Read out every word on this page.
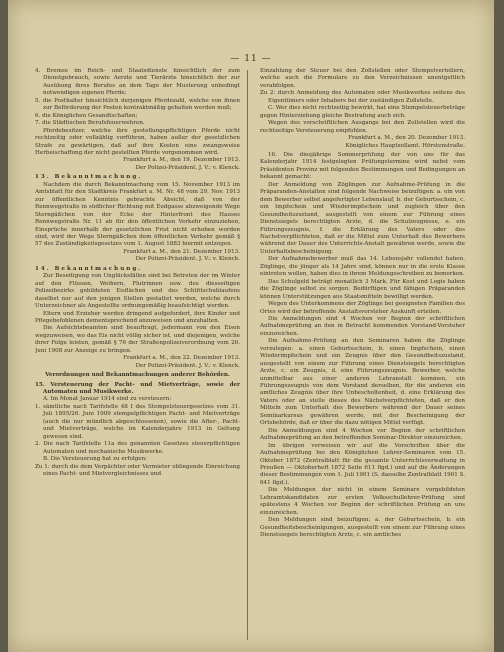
— 11 —

4. Bremse im Reich- und Staatsdienste hinsichtlich der zum Dienstgebrauch, sowie Aerzte und Tierärzte hinsichtlich der zur Ausübung ihres Berufes an dem Tage der Musterung unbedingt notwendigen eigenen Pferde;

5. die Posthalter hinsichtlich derjenigen Pferdezahl, welche von ihnen zur Beförderung der Posten kontraktmäßig gehalten werden muß;

6. die Königlichen Gesandtschaften;

7. die Städtischen Berufsfeuerwehren.

Pferdebesitzer, welche ihre gestellungspflichtigen Pferde nicht rechtzeitig oder vollzählig vorführen, haben außer der gesetzlichen Strafe zu gewärtigen, daß auf ihre Kosten eine zwangsweise Herbeischaffung der nicht gestellten Pferde vorgenommen wird.

Frankfurt a. M., den 19. Dezember 1913.

Der Polizei-Präsident. J. V.: v. Klenck.

13. Bekanntmachung.

Nachdem die durch Bekanntmachung vom 15. November 1913 im Amtsblatt für den Stadtkreis Frankfurt a. M. Nr. 48 vom 29. Nov. 1913 zur öffentlichen Kenntnis gebrachte Absicht, daß von der Rennwegstraße in südlicher Richtung mit Eudgasse abzweigende Wege Sterngäßchen von der Ecke der Hinterfront des Hauses Rennwegstraße Nr. 11 ab für den öffentlichen Verkehr einzuziehen, Einsprüche innerhalb der gesetzlichen Frist nicht erhoben worden sind, wird der Wege Sterngäßchen dem öffentlichen Verkehr gemäß § 57 des Zuständigkeitsgesetzes vom 1. August 1883 hiermit entzogen.

Frankfurt a. M., den 21. Dezember 1913.

Der Polizei-Präsident. J. V.: v. Klenck.

14. Bekanntmachung.

Zur Beseitigung von Unglücksfällen sind bei Betreten der im Winter auf den Flüssen, Weihern, Flutrinnen usw. des diesseitigen Polizeibezirks gebildeten Eisflächen und des Schlittschuhlaufens daselbst nur auf den jenigen Stellen gestattet werden, welche durch Unterzeichner als Angestellte ordnungsmäßig beaufsichtigt werden.

Eltern und Erzieher werden dringend aufgefordert, ihre Kinder und Pflegebefohlenen dementsprechend anzuweisen und anzuhalten.

Die Aufsichtsbeamten sind beauftragt, jedermann von den Eisen wegzuweisen, wo das Eis nicht völlig sicher ist, und diejenigen, welche ihrer Folge leisten, gemäß § 76 der Straßenpolizeiverordnung vom 20. Juni 1908 zur Anzeige zu bringen.

Frankfurt a. M., den 22. Dezember 1913.

Der Polizei-Präsident. J. V.: v. Klenck.

Verordnungen und Bekanntmachungen anderer Behörden.

15. Versteuerung der Pacht- und Mietverträge, sowie der Automaten und Musikwerke.

A. Im Monat Januar 1914 sind zu versteuern:

1. sämtliche nach Tarifstelle 48 I des Stempelsteuergesetzes vom 31. Juli 1895/26. Juni 1909 stempelpflichtigen Pacht- und Mietverträge (auch die nur mündlich abgeschlossenen), sowie die After-, Pacht- und Mietverträge, welche im Kalenderjahre 1913 in Geltung gewesen sind.

2. Die nach Tarifstelle 11a des genannten Gesetzes steuerpflichtigen Automaten und mechanische Musikwerke.

B. Die Versteuerung hat zu erfolgen:

Zu 1: durch die dem Verpächter oder Vermieter obliegende Einreichung eines Pacht- und Mietvergleichnisses und

Einzahlung der Steuer bei den Zollstellen oder Stempelverteilern, welche auch die Formulare zu den Verzeichnissen unentgeltlich verabfolgen.

Zu 2: durch Anmeldung des Automaten oder Musikwerkes seitens des Eigentümers oder Inhabers bei der zuständigen Zollstelle.

C. Wer dies nicht rechtzeitig bewirkt, hat eine Stempelsteuerbeträge gegen Hinterziehung gleiche Bestrafung auch sich.

Wegen des vorschriftlichen Ausgangs bei den Zollstellen wird die rechtzeitige Versteuerung empfohlen.

Frankfurt a. M., den 20. Dezember 1913.

Königliches Hauptzollamt. Hörstenstraße.

16. Die diesjährige Sommerprüfung der von uns für das Kalenderjahr 1914 festgelegten Prüfungstermine wird nebst vom Präsidenten Provinz mit folgenden Bestimmungen und Bedingungen an bekannt gemacht:

Der Anmeldung von Zöglingen zur Aufnahme-Prüfung in die Präparanden-Anstalten sind folgende Nachweise beizufügen: a. ein von dem Bewerber selbst angefertigter Lebenslauf, b. der Geburtsschein, c. ein Impfschein und Wiederimpfschein und zugleich über den Gesundheitszustand, ausgestellt von einem zur Führung eines Dienstsiegels berechtigten Arzte, d. die Schulzeugnisse, e. ein Führungszeugnis, f. die Erklärung des Vaters oder des Nachstverpflichteten, daß er die Mittel zum Unterhalt des Bewerbers während der Dauer des Unterrichts-Anstalt gewähren werde, sowie die Unterhaltsbescheinigung.

Der Aufnahmebewerber muß das 14. Lebensjahr vollendet haben. Zöglinge, die jünger als 14 Jahre sind, können nur in die erste Klasse eintreten wollen, haben dies in ihrem Meldungsschreiben zu bemerken.

Das Schulgeld beträgt monatlich 3 Mark. Für Kost und Logis haben die Zöglinge selbst zu sorgen. Bedürftigen und fähigen Präparanden können Unterstützungen aus Staatsmitteln bewilligt werden.

Wegen des Unterkommens der Zöglinge bei geeigneten Familien des Ortes wird der betreffende Anstaltsvorsteher Auskunft erteilen.

Die Anmeldungen sind 4 Wochen vor Beginn der schriftlichen Aufnahmeprüfung an den in Betracht kommenden Vorstand-Vorsteher einzureichen.

Die Aufnahme-Prüfung an den Seminaren haben die Zöglinge vorzulegen: a. einen Geburtsschein, b. einen Impfschein, einen Wiederimpfschein und ein Zeugnis über den Gesundheitszustand, ausgestellt von einem zur Führung eines Dienstsiegels berechtigten Arzte, c. ein Zeugnis, d. eine Führungszeugnis. Bewerber, welche unmittelbar aus einer anderen Lehranstalt kommen, ein Führungszeugnis von dem Vorstand derselben, für die anderen ein amtliches Zeugnis über ihre Unbescholtenheit, d. eine Erklärung des Vaters oder an stelle dieses des Nächstverpflichteten, daß er den Mitteln zum Unterhalt des Bewerbers während der Dauer seines Seminarkursus gewähren werde, mit der Bescheinigung der Ortsbehörde, daß er über die dazu nötigen Mittel verfügt.

Die Anmeldungen sind 4 Wochen vor Beginn der schriftlichen Aufnahmeprüfung an den betreffenden Seminar-Direktor einzureichen.

Im übrigen verweisen wir auf die Vorschriften über die Aufnahmeprüfung bei den Königlichen Lehrer-Seminaren vom 15. Oktober 1872 (Zentralblatt für die gesamte Unterrichtsverwaltung in Preußen — Oktoberheft 1872 Seite 611 flgd.) und auf die Änderungen dieser Bestimmungen vom 1. Juli 1901 (S. dasselbe Zentralblatt 1901 S. 641 flgd.).

Die Meldungen der nicht in einem Seminare vorgebildeten Lehramtskandidaten zur ersten Volksschullehrer-Prüfung sind spätestens 4 Wochen vor Beginn der schriftlichen Prüfung an uns einzureichen.

Den Meldungen sind beizufügen: a. der Geburtsschein, b. ein Gesundheitsbescheinigungen, ausgestellt von einem zur Führung eines Dienstsiegels berechtigten Arzte, c. ein amtliches
